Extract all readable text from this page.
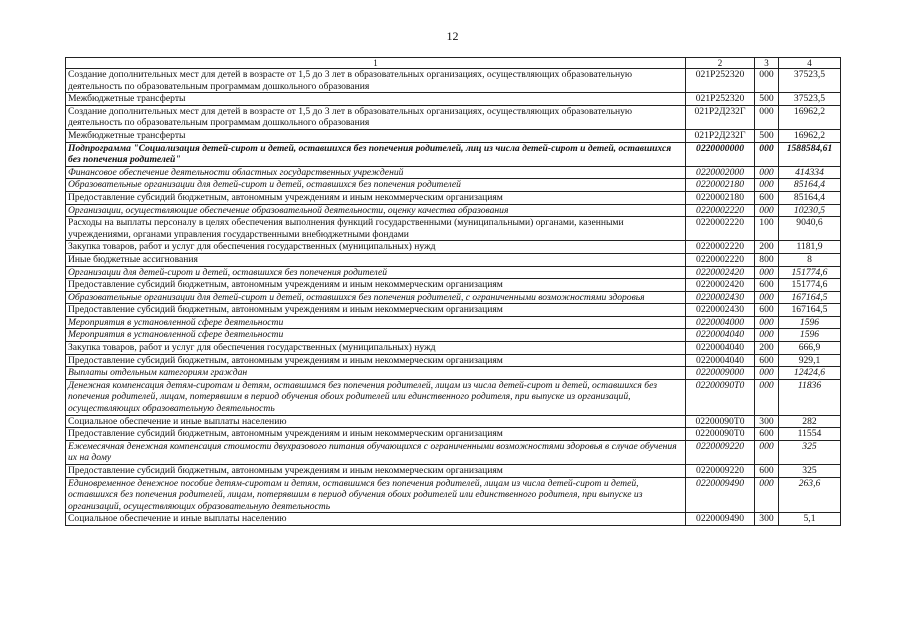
12
1	2	3	4
Создание дополнительных мест для детей в возрасте от 1,5 до 3 лет в образовательных организациях, осуществляющих образовательную деятельность по образовательным программам дошкольного образования	021P252320	000	37523,5
Межбюджетные трансферты	021P252320	500	37523,5
Создание дополнительных мест для детей в возрасте от 1,5 до 3 лет в образовательных организациях, осуществляющих образовательную деятельность по образовательным программам дошкольного образования	021P2Д232Г	000	16962,2
Межбюджетные трансферты	021P2Д232Г	500	16962,2
Подпрограмма "Социализация детей-сирот и детей, оставшихся без попечения родителей, лиц из числа детей-сирот и детей, оставшихся без попечения родителей"	0220000000	000	1588584,61
Финансовое обеспечение деятельности областных государственных учреждений	0220002000	000	414334
Образовательные организации для детей-сирот и детей, оставшихся без попечения родителей	0220002180	000	85164,4
Предоставление субсидий бюджетным, автономным учреждениям и иным некоммерческим организациям	0220002180	600	85164,4
Организации, осуществляющие обеспечение образовательной деятельности, оценку качества образования	0220002220	000	10230,5
Расходы на выплаты персоналу в целях обеспечения выполнения функций государственными (муниципальными) органами, казенными учреждениями, органами управления государственными внебюджетными фондами	0220002220	100	9040,6
Закупка товаров, работ и услуг для обеспечения государственных (муниципальных) нужд	0220002220	200	1181,9
Иные бюджетные ассигнования	0220002220	800	8
Организации для детей-сирот и детей, оставшихся без попечения родителей	0220002420	000	151774,6
Предоставление субсидий бюджетным, автономным учреждениям и иным некоммерческим организациям	0220002420	600	151774,6
Образовательные организации для детей-сирот и детей, оставшихся без попечения родителей, с ограниченными возможностями здоровья	0220002430	000	167164,5
Предоставление субсидий бюджетным, автономным учреждениям и иным некоммерческим организациям	0220002430	600	167164,5
Мероприятия в установленной сфере деятельности	0220004000	000	1596
Мероприятия в установленной сфере деятельности	0220004040	000	1596
Закупка товаров, работ и услуг для обеспечения государственных (муниципальных) нужд	0220004040	200	666,9
Предоставление субсидий бюджетным, автономным учреждениям и иным некоммерческим организациям	0220004040	600	929,1
Выплаты отдельным категориям граждан	0220009000	000	12424,6
Денежная компенсация детям-сиротам и детям, оставшимся без попечения родителей, лицам из числа детей-сирот и детей, оставшихся без попечения родителей, лицам, потерявшим в период обучения обоих родителей или единственного родителя, при выпуске из организаций, осуществляющих образовательную деятельность	02200090Т0	000	11836
Социальное обеспечение и иные выплаты населению	02200090Т0	300	282
Предоставление субсидий бюджетным, автономным учреждениям и иным некоммерческим организациям	02200090Т0	600	11554
Ежемесячная денежная компенсация стоимости двухразового питания обучающихся с ограниченными возможностями здоровья в случае обучения их на дому	0220009220	000	325
Предоставление субсидий бюджетным, автономным учреждениям и иным некоммерческим организациям	0220009220	600	325
Единовременное денежное пособие детям-сиротам и детям, оставшимся без попечения родителей, лицам из числа детей-сирот и детей, оставшихся без попечения родителей, лицам, потерявшим в период обучения обоих родителей или единственного родителя, при выпуске из организаций, осуществляющих образовательную деятельность	0220009490	000	263,6
Социальное обеспечение и иные выплаты населению	0220009490	300	5,1
